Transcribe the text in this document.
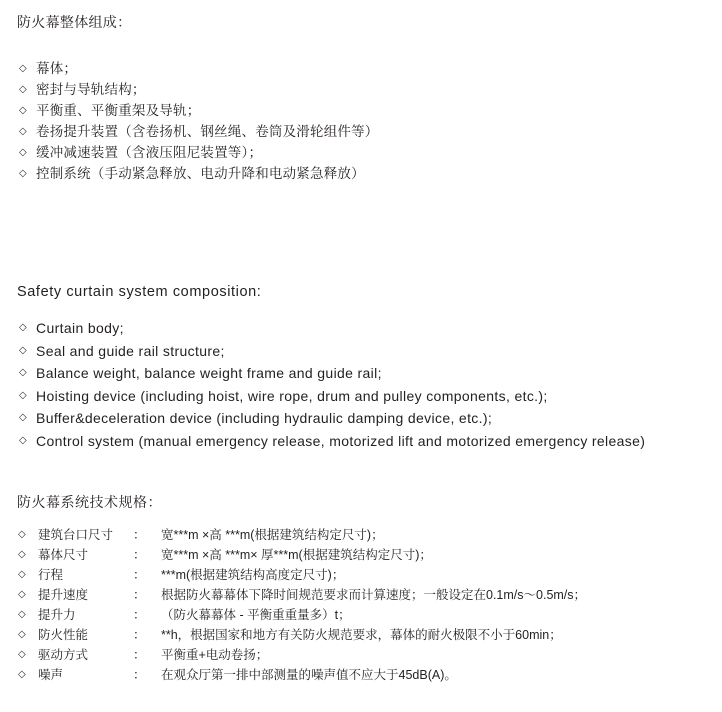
防火幕整体组成：
◇ 幕体；
◇ 密封与导轨结构；
◇ 平衡重、平衡重架及导轨；
◇ 卷扬提升装置（含卷扬机、钢丝绳、卷筒及滑轮组件等）
◇ 缓冲减速装置（含液压阻尼装置等）；
◇ 控制系统（手动紧急释放、电动升降和电动紧急释放）
Safety curtain system composition:
◇ Curtain body;
◇ Seal and guide rail structure;
◇ Balance weight, balance weight frame and guide rail;
◇ Hoisting device (including hoist, wire rope, drum and pulley components, etc.);
◇ Buffer&deceleration device (including hydraulic damping device, etc.);
◇ Control system (manual emergency release, motorized lift and motorized emergency release)
防火幕系统技术规格：
◇	建筑台口尺寸	：	宽***m ×高 ***m(根据建筑结构定尺寸)；
◇	幕体尺寸	：	宽***m ×高 ***m× 厚***m(根据建筑结构定尺寸)；
◇	行程	：	***m(根据建筑结构高度定尺寸)；
◇	提升速度	：	根据防火幕幕体下降时间规范要求而计算速度；一般设定在0.1m/s～0.5m/s；
◇	提升力	：	（防火幕幕体 - 平衡重重量多）t；
◇	防火性能	：	**h，根据国家和地方有关防火规范要求，幕体的耐火极限不小于60min；
◇	驱动方式	：	平衡重+电动卷扬；
◇	噪声	：	在观众厅第一排中部测量的噪声值不应大于45dB(A)。
